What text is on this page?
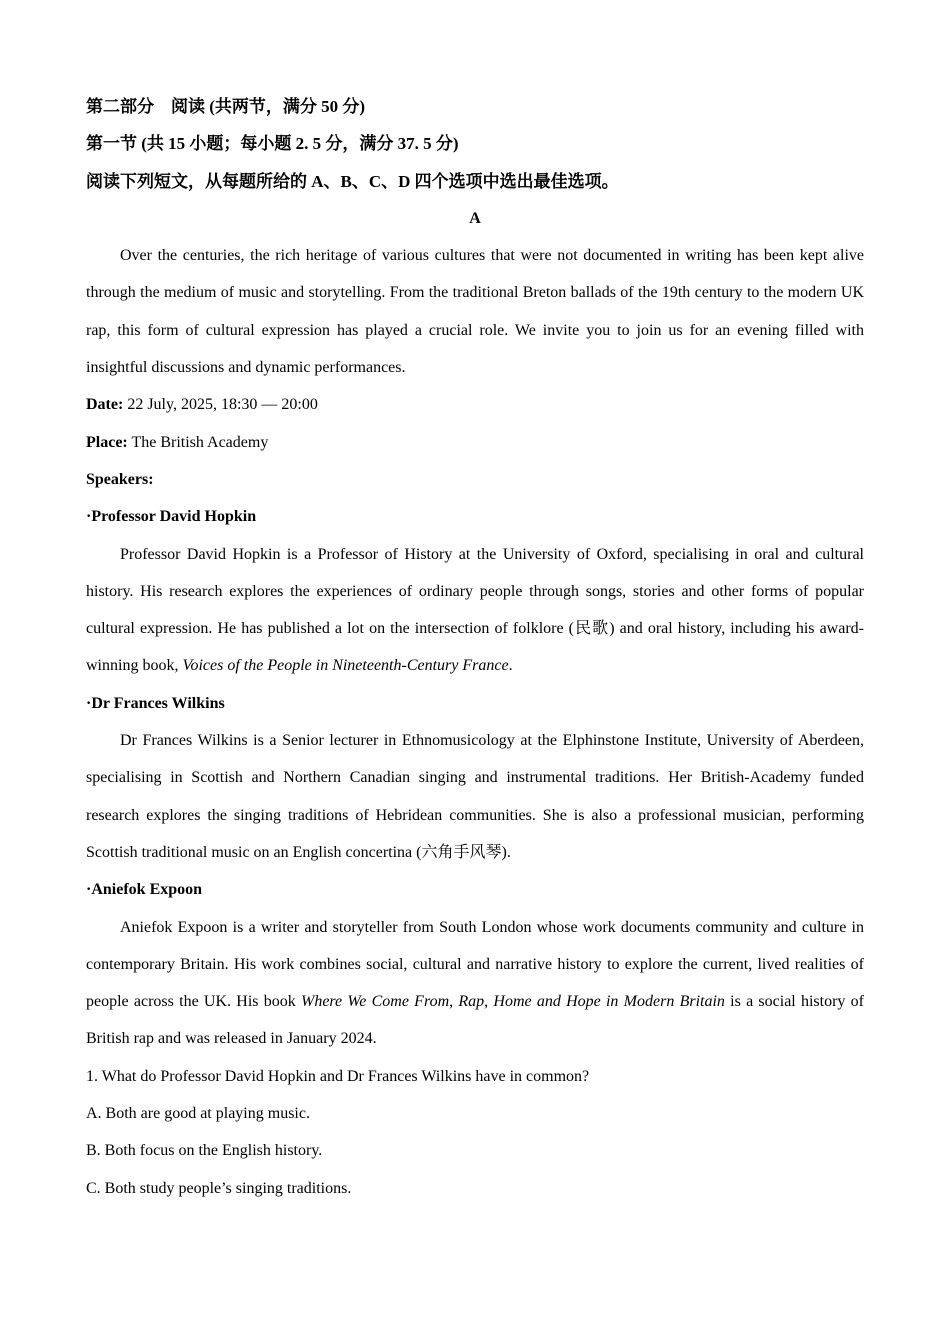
第二部分　阅读 (共两节，满分 50 分)

第一节 (共 15 小题；每小题 2. 5 分，满分 37. 5 分)

阅读下列短文，从每题所给的 A、B、C、D 四个选项中选出最佳选项。

A

Over the centuries, the rich heritage of various cultures that were not documented in writing has been kept alive through the medium of music and storytelling. From the traditional Breton ballads of the 19th century to the modern UK rap, this form of cultural expression has played a crucial role. We invite you to join us for an evening filled with insightful discussions and dynamic performances.

Date: 22 July, 2025, 18:30 — 20:00

Place: The British Academy

Speakers:

·Professor David Hopkin

Professor David Hopkin is a Professor of History at the University of Oxford, specialising in oral and cultural history. His research explores the experiences of ordinary people through songs, stories and other forms of popular cultural expression. He has published a lot on the intersection of folklore (民歌) and oral history, including his award-winning book, Voices of the People in Nineteenth-Century France.

·Dr Frances Wilkins

Dr Frances Wilkins is a Senior lecturer in Ethnomusicology at the Elphinstone Institute, University of Aberdeen, specialising in Scottish and Northern Canadian singing and instrumental traditions. Her British-Academy funded research explores the singing traditions of Hebridean communities. She is also a professional musician, performing Scottish traditional music on an English concertina (六角手风琴).

·Aniefok Expoon

Aniefok Expoon is a writer and storyteller from South London whose work documents community and culture in contemporary Britain. His work combines social, cultural and narrative history to explore the current, lived realities of people across the UK. His book Where We Come From, Rap, Home and Hope in Modern Britain is a social history of British rap and was released in January 2024.

1. What do Professor David Hopkin and Dr Frances Wilkins have in common?

A. Both are good at playing music.

B. Both focus on the English history.

C. Both study people’s singing traditions.
